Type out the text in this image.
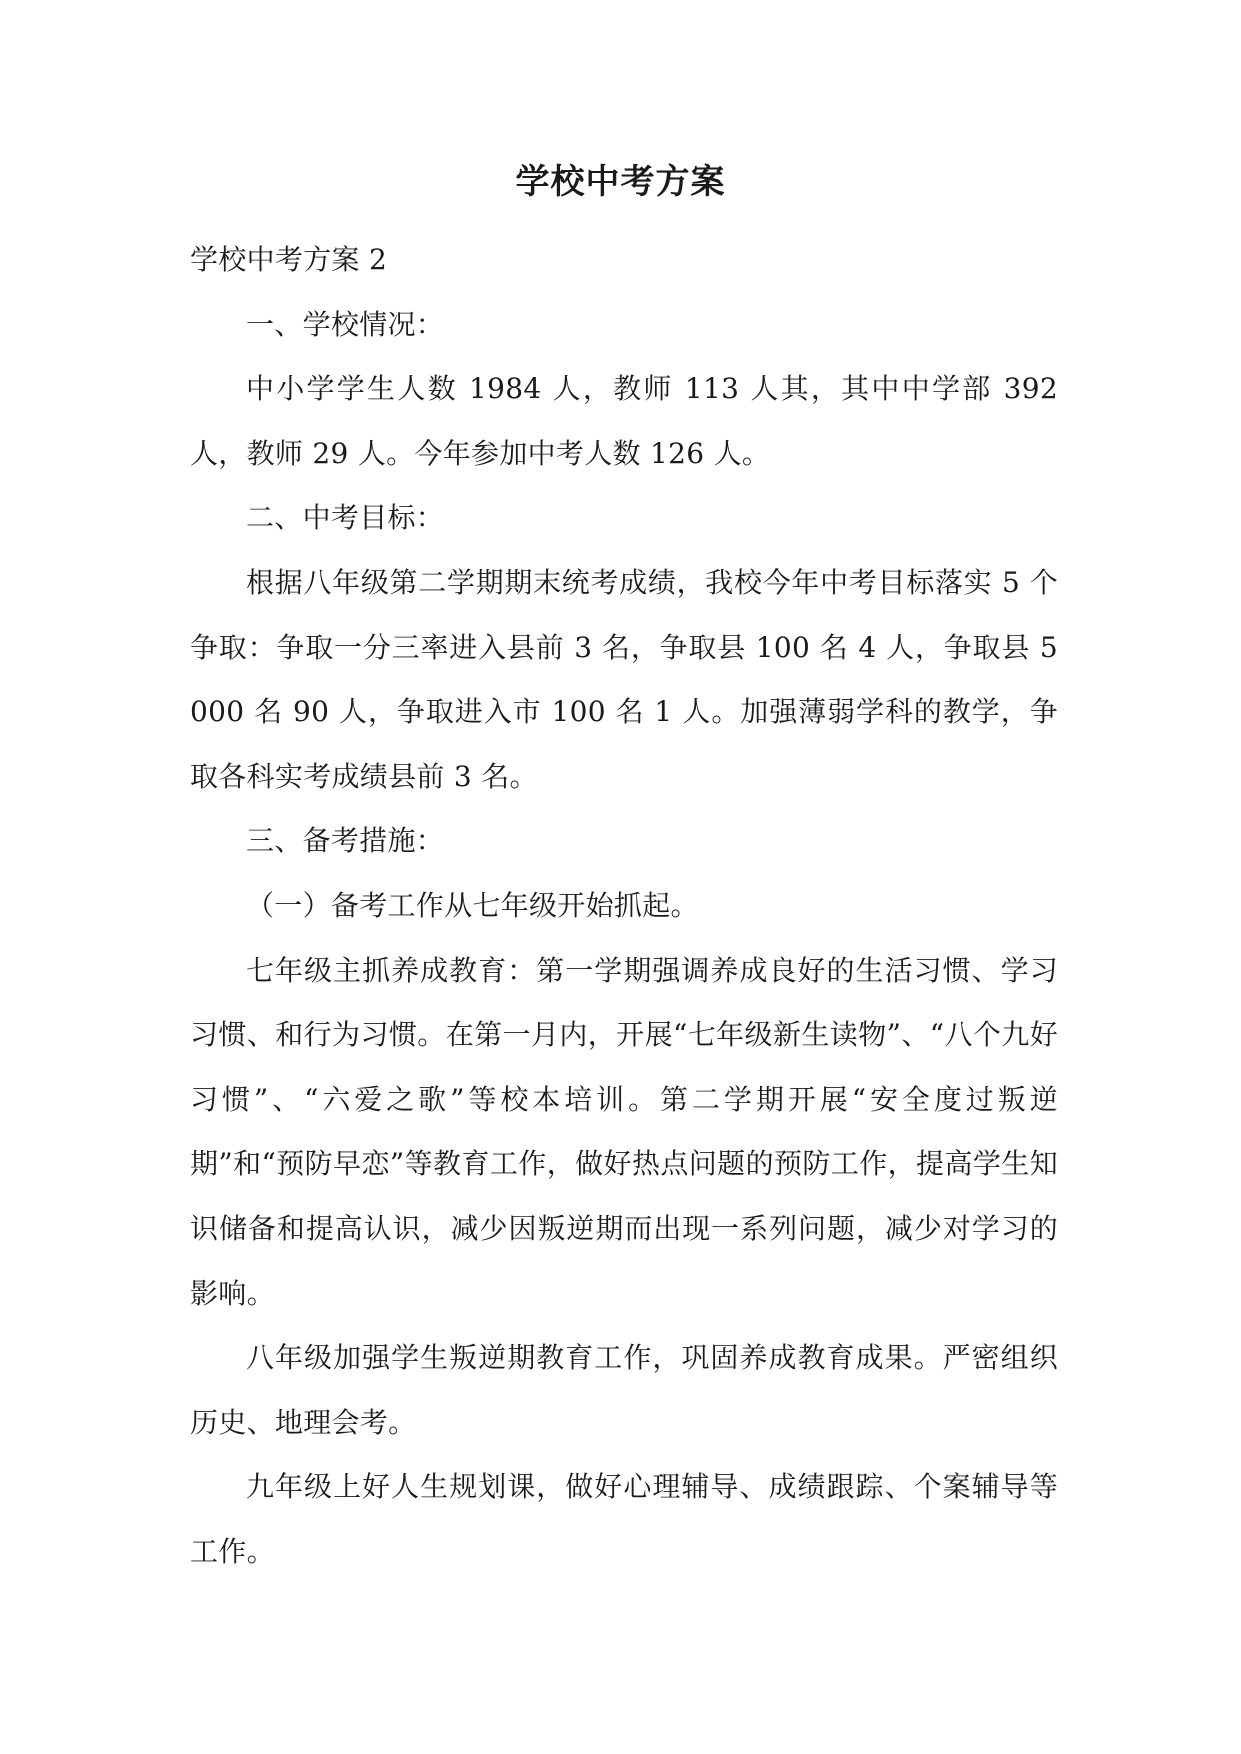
学校中考方案

学校中考方案 2

一、学校情况：

中小学学生人数 1984 人，教师 113 人其，其中中学部 392 人，教师 29 人。今年参加中考人数 126 人。

二、中考目标：

根据八年级第二学期期末统考成绩，我校今年中考目标落实 5 个争取：争取一分三率进入县前 3 名，争取县 100 名 4 人，争取县 5000 名 90 人，争取进入市 100 名 1 人。加强薄弱学科的教学，争取各科实考成绩县前 3 名。

三、备考措施：

（一）备考工作从七年级开始抓起。

七年级主抓养成教育：第一学期强调养成良好的生活习惯、学习习惯、和行为习惯。在第一月内，开展“七年级新生读物”、“八个九好习惯”、“六爱之歌”等校本培训。第二学期开展“安全度过叛逆期”和“预防早恋”等教育工作，做好热点问题的预防工作，提高学生知识储备和提高认识，减少因叛逆期而出现一系列问题，减少对学习的影响。

八年级加强学生叛逆期教育工作，巩固养成教育成果。严密组织历史、地理会考。

九年级上好人生规划课，做好心理辅导、成绩跟踪、个案辅导等工作。
